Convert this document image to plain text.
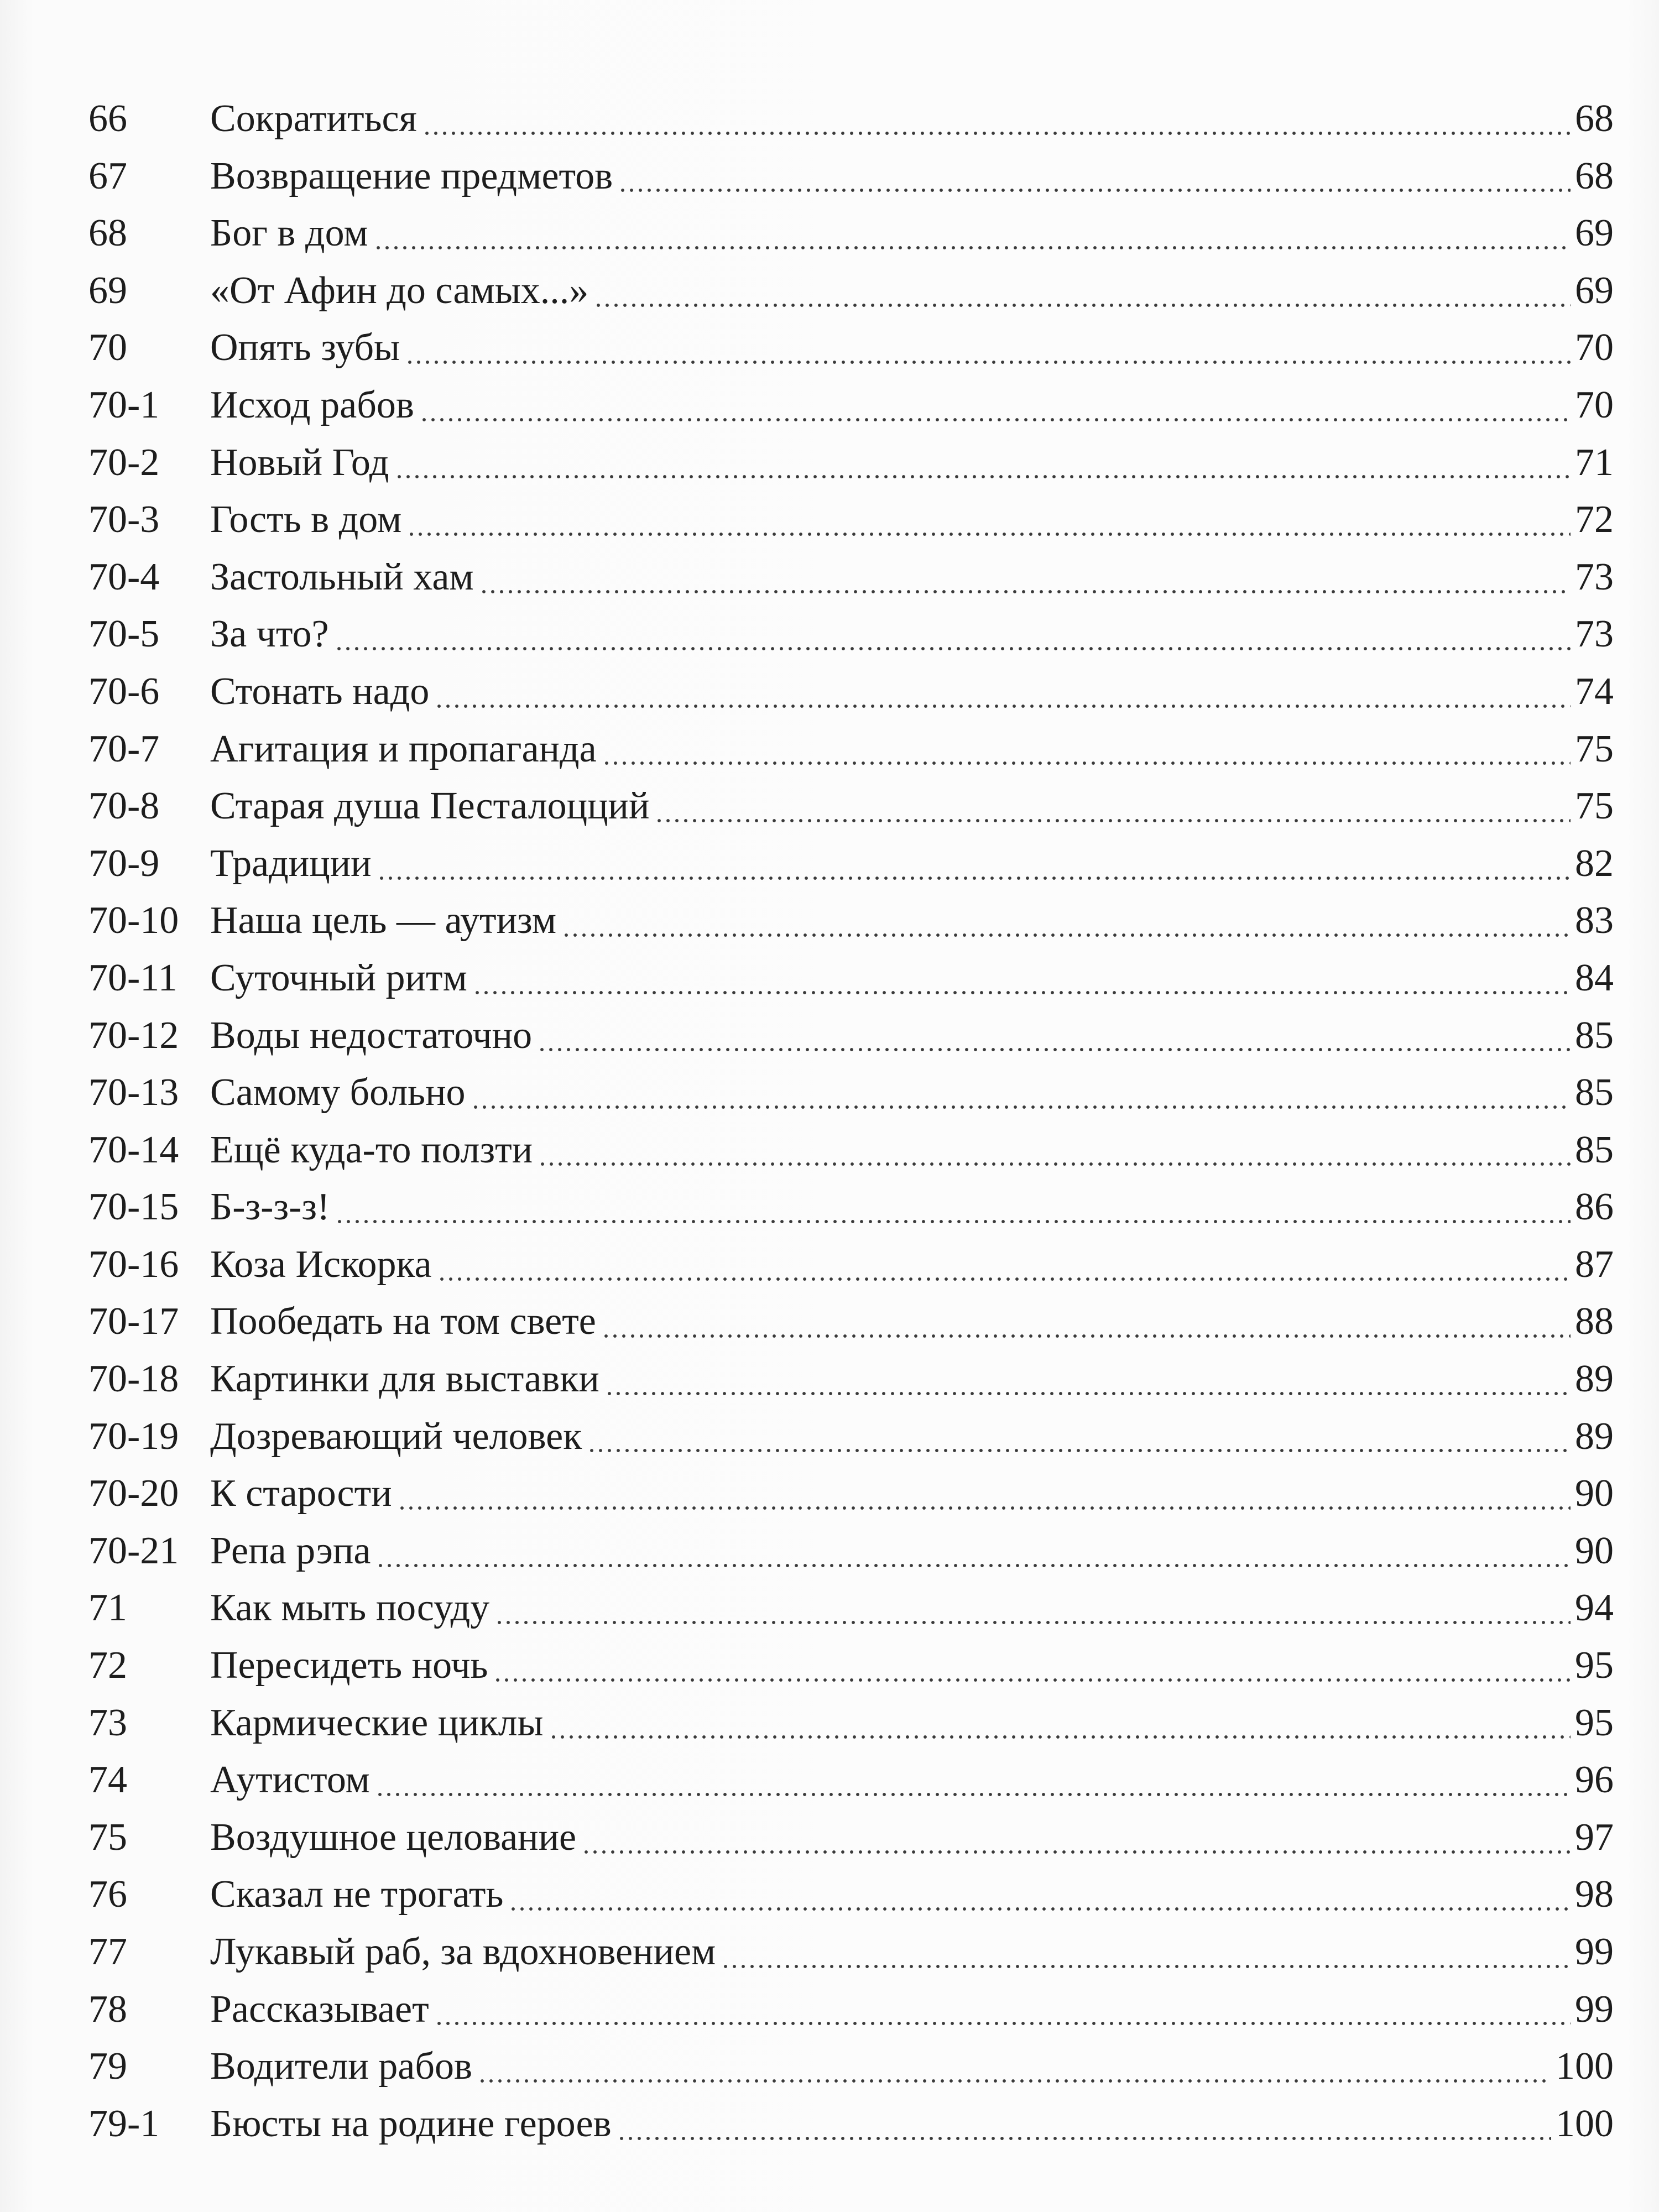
66	Сократиться	68
67	Возвращение предметов	68
68	Бог в дом	69
69	«От Афин до самых...»	69
70	Опять зубы	70
70-1	Исход рабов	70
70-2	Новый Год	71
70-3	Гость в дом	72
70-4	Застольный хам	73
70-5	За что?	73
70-6	Стонать надо	74
70-7	Агитация и пропаганда	75
70-8	Старая душа Песталоцций	75
70-9	Традиции	82
70-10 Наша цель — аутизм	83
70-11 Суточный ритм	84
70-12 Воды недостаточно	85
70-13 Самому больно	85
70-14 Ещё куда-то ползти	85
70-15 Б-з-з-з!	86
70-16 Коза Искорка	87
70-17 Пообедать на том свете	88
70-18 Картинки для выставки	89
70-19 Дозревающий человек	89
70-20 К старости	90
70-21 Репа рэпа	90
71	Как мыть посуду	94
72	Пересидеть ночь	95
73	Кармические циклы	95
74	Аутистом	96
75	Воздушное целование	97
76	Сказал не трогать	98
77	Лукавый раб, за вдохновением	99
78	Рассказывает	99
79	Водители рабов	100
79-1	Бюсты на родине героев	100
